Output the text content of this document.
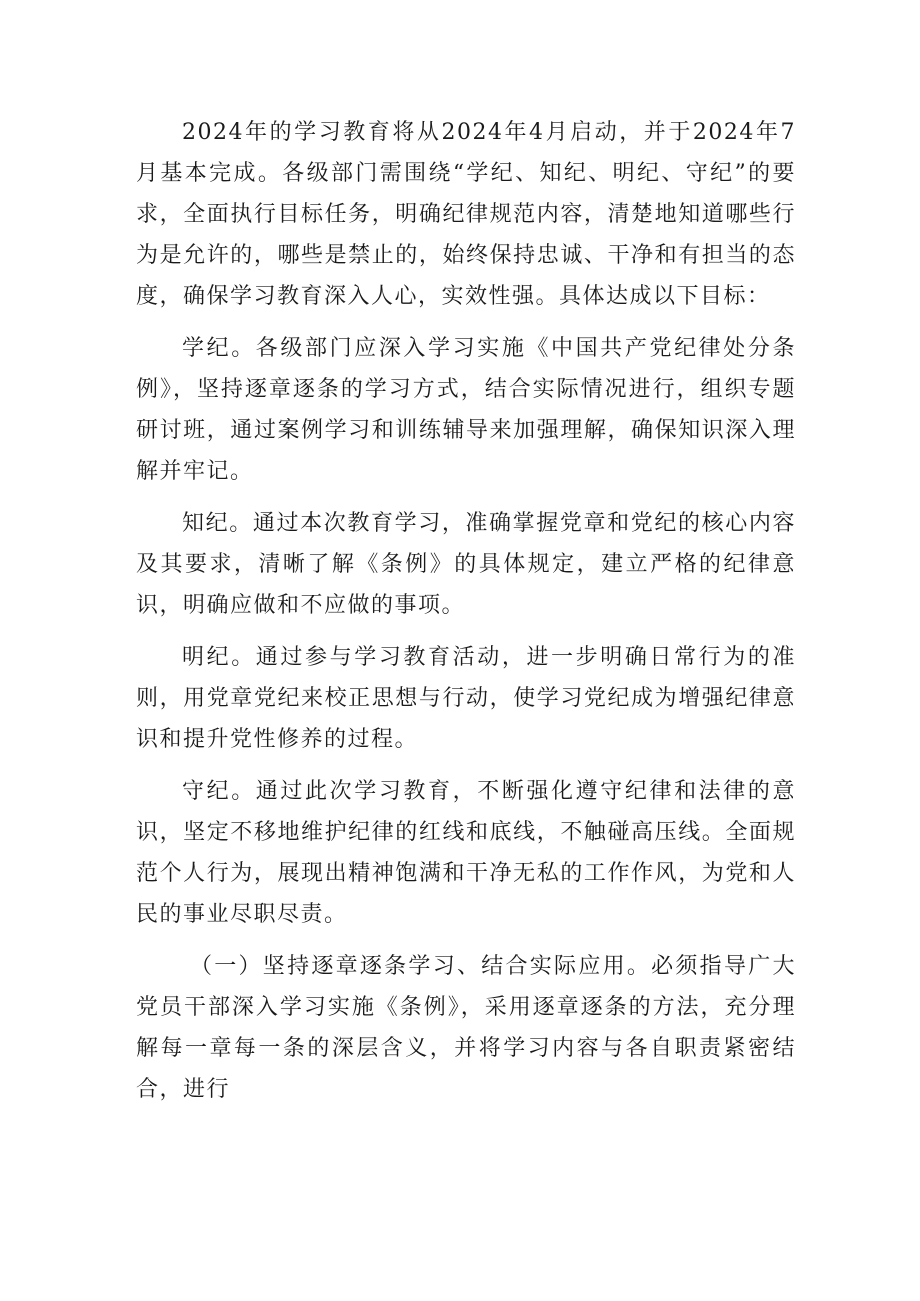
2024年的学习教育将从2024年4月启动，并于2024年7月基本完成。各级部门需围绕“学纪、知纪、明纪、守纪”的要求，全面执行目标任务，明确纪律规范内容，清楚地知道哪些行为是允许的，哪些是禁止的，始终保持忠诚、干净和有担当的态度，确保学习教育深入人心，实效性强。具体达成以下目标：

学纪。各级部门应深入学习实施《中国共产党纪律处分条例》，坚持逐章逐条的学习方式，结合实际情况进行，组织专题研讨班，通过案例学习和训练辅导来加强理解，确保知识深入理解并牢记。

知纪。通过本次教育学习，准确掌握党章和党纪的核心内容及其要求，清晰了解《条例》的具体规定，建立严格的纪律意识，明确应做和不应做的事项。

明纪。通过参与学习教育活动，进一步明确日常行为的准则，用党章党纪来校正思想与行动，使学习党纪成为增强纪律意识和提升党性修养的过程。

守纪。通过此次学习教育，不断强化遵守纪律和法律的意识，坚定不移地维护纪律的红线和底线，不触碰高压线。全面规范个人行为，展现出精神饱满和干净无私的工作作风，为党和人民的事业尽职尽责。

（一）坚持逐章逐条学习、结合实际应用。必须指导广大党员干部深入学习实施《条例》，采用逐章逐条的方法，充分理解每一章每一条的深层含义，并将学习内容与各自职责紧密结合，进行
